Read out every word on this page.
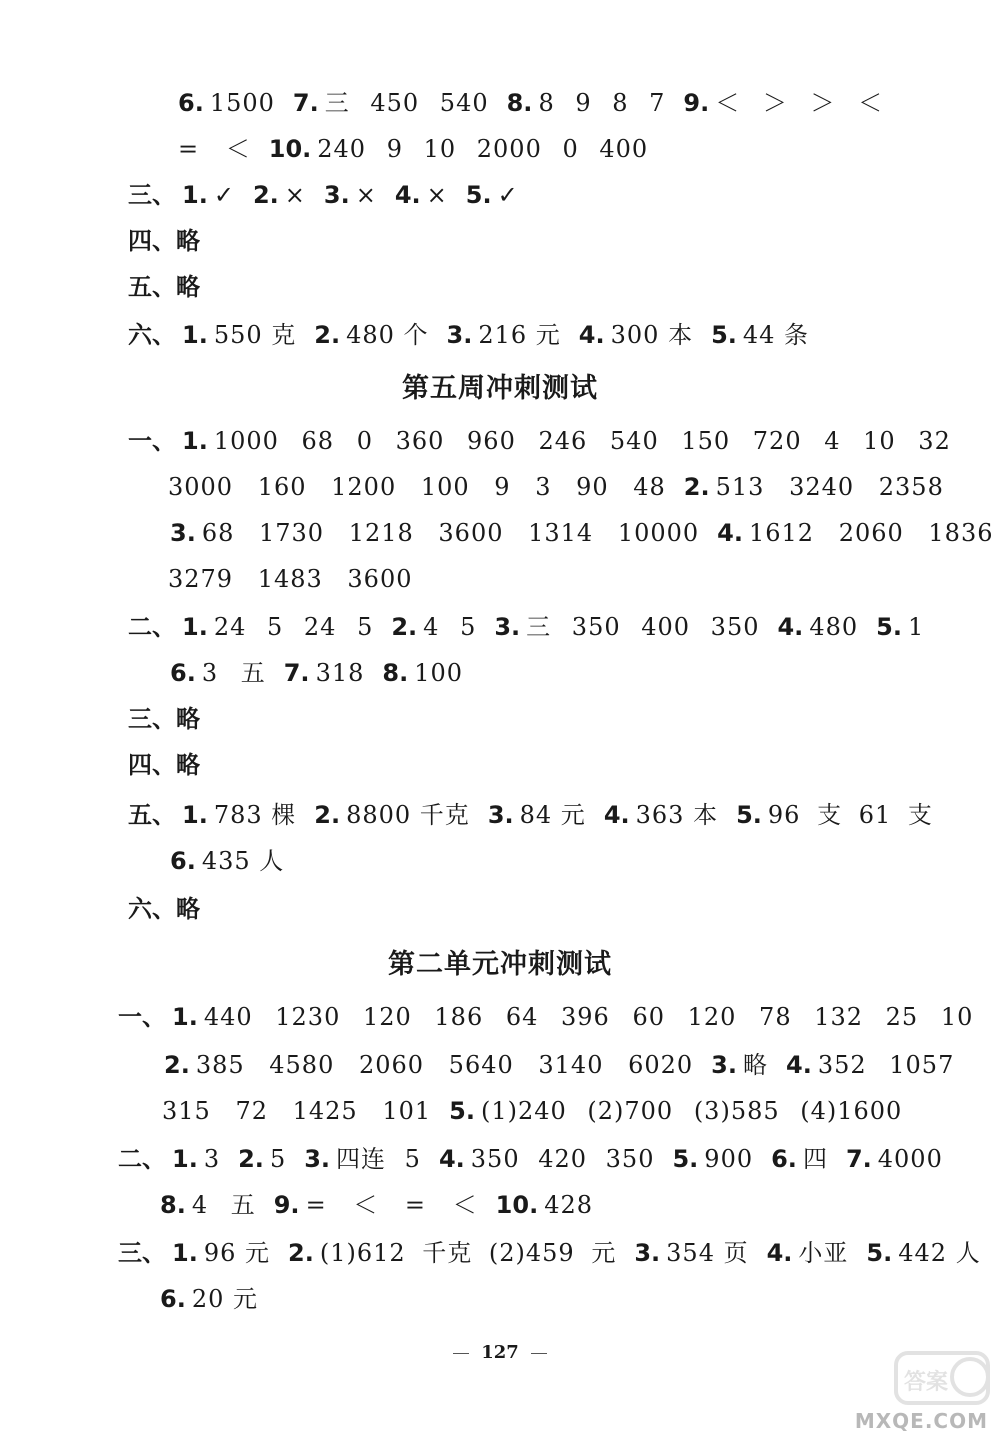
6. 1500 7. 三 450 540 8. 8 9 8 7 9. ＜ ＞ ＞ ＜
= ＜ 10. 240 9 10 2000 0 400
三、 1. ✓ 2. × 3. × 4. × 5. ✓
四、略
五、略
六、 1. 550 克 2. 480 个 3. 216 元 4. 300 本 5. 44 条
第五周冲刺测试
一、 1. 1000 68 0 360 960 246 540 150 720 4 10 32
3000 160 1200 100 9 3 90 48 2. 513 3240 2358
3. 68 1730 1218 3600 1314 10000 4. 1612 2060 1836
3279 1483 3600
二、 1. 24 5 24 5 2. 4 5 3. 三 350 400 350 4. 480 5. 1
6. 3 五 7. 318 8. 100
三、略
四、略
五、 1. 783 棵 2. 8800 千克 3. 84 元 4. 363 本 5. 96 支 61 支
6. 435 人
六、略
第二单元冲刺测试
一、 1. 440 1230 120 186 64 396 60 120 78 132 25 10
2. 385 4580 2060 5640 3140 6020 3. 略 4. 352 1057
315 72 1425 101 5. (1)240 (2)700 (3)585 (4)1600
二、 1. 3 2. 5 3. 四连 5 4. 350 420 350 5. 900 6. 四 7. 4000
8. 4 五 9. = ＜ = ＜ 10. 428
三、 1. 96 元 2. (1)612 千克 (2)459 元 3. 354 页 4. 小亚 5. 442 人
6. 20 元
127
答案
MXQE.COM
